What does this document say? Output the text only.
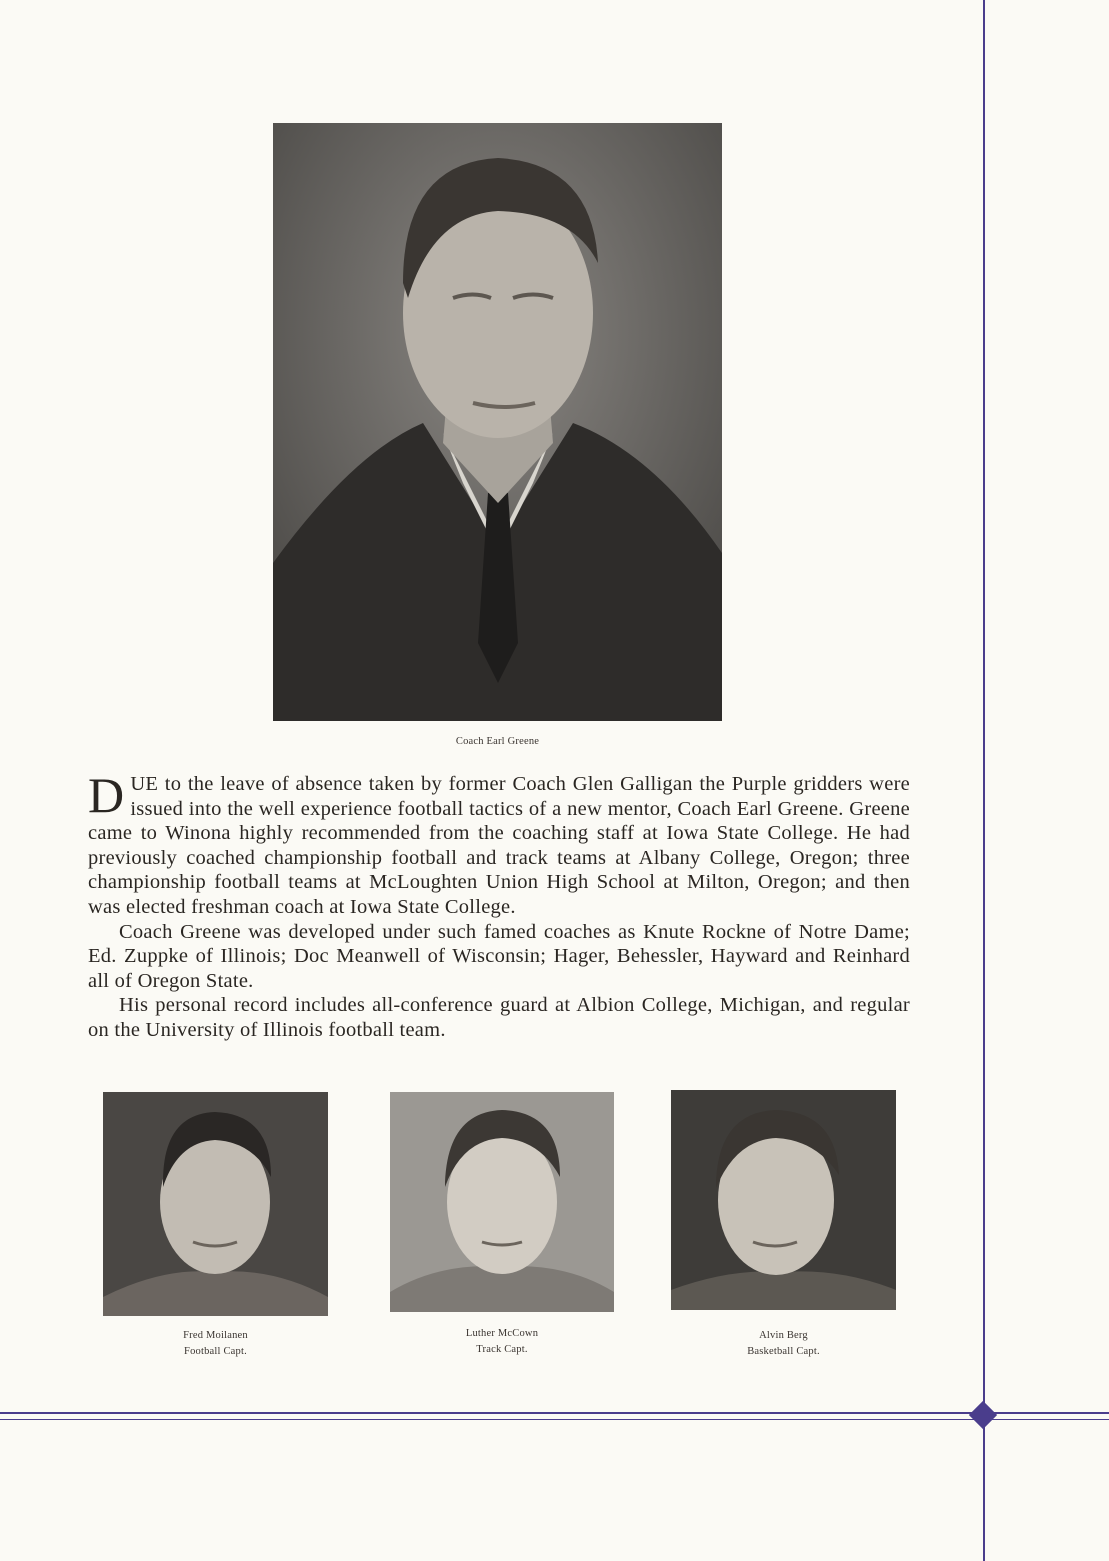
Coach Earl Greene

DUE to the leave of absence taken by former Coach Glen Galligan the Purple gridders were issued into the well experience football tactics of a new mentor, Coach Earl Greene. Greene came to Winona highly recommended from the coaching staff at Iowa State College. He had previously coached championship football and track teams at Albany College, Oregon; three championship football teams at McLoughten Union High School at Milton, Oregon; and then was elected freshman coach at Iowa State College.

Coach Greene was developed under such famed coaches as Knute Rockne of Notre Dame; Ed. Zuppke of Illinois; Doc Meanwell of Wisconsin; Hager, Behessler, Hayward and Reinhard all of Oregon State.

His personal record includes all-conference guard at Albion College, Michigan, and regular on the University of Illinois football team.

Fred Moilanen
Football Capt.
Luther McCown
Track Capt.
Alvin Berg
Basketball Capt.
